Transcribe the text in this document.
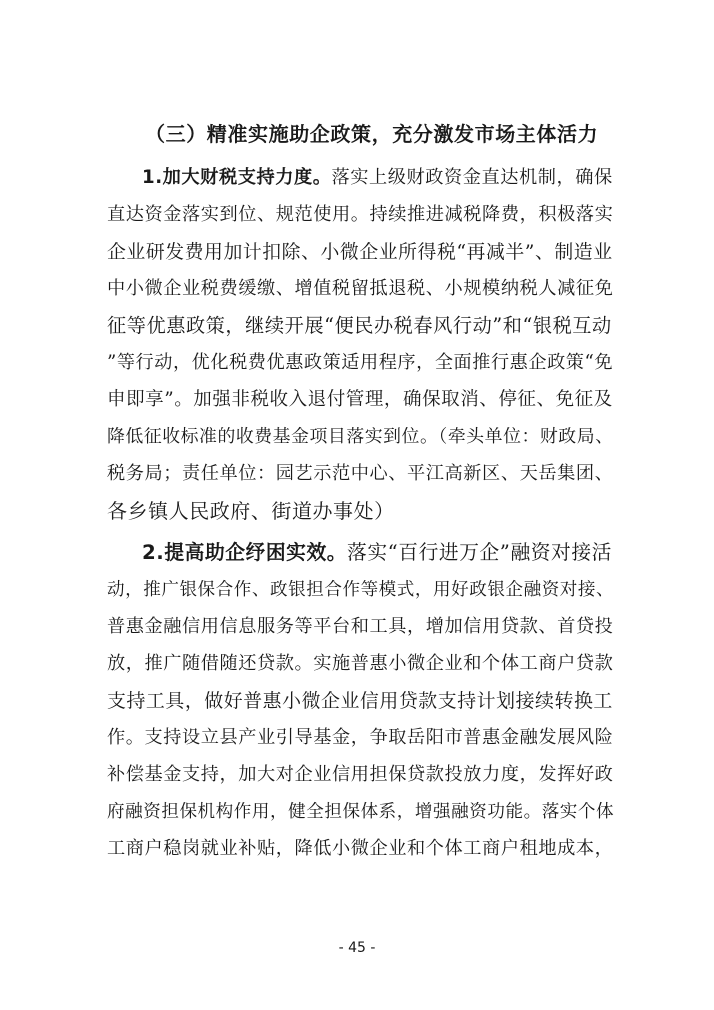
（三）精准实施助企政策，充分激发市场主体活力
1.加大财税支持力度。落实上级财政资金直达机制，确保
直达资金落实到位、规范使用。持续推进减税降费，积极落实
企业研发费用加计扣除、小微企业所得税“再减半”、制造业
中小微企业税费缓缴、增值税留抵退税、小规模纳税人减征免
征等优惠政策，继续开展“便民办税春风行动”和“银税互动
”等行动，优化税费优惠政策适用程序，全面推行惠企政策“免
申即享”。加强非税收入退付管理，确保取消、停征、免征及
降低征收标准的收费基金项目落实到位。（牵头单位：财政局、
税务局；责任单位：园艺示范中心、平江高新区、天岳集团、
各乡镇人民政府、街道办事处）
2.提高助企纾困实效。落实“百行进万企”融资对接活
动，推广银保合作、政银担合作等模式，用好政银企融资对接、
普惠金融信用信息服务等平台和工具，增加信用贷款、首贷投
放，推广随借随还贷款。实施普惠小微企业和个体工商户贷款
支持工具，做好普惠小微企业信用贷款支持计划接续转换工
作。支持设立县产业引导基金，争取岳阳市普惠金融发展风险
补偿基金支持，加大对企业信用担保贷款投放力度，发挥好政
府融资担保机构作用，健全担保体系，增强融资功能。落实个体
工商户稳岗就业补贴，降低小微企业和个体工商户租地成本，
- 45 -
